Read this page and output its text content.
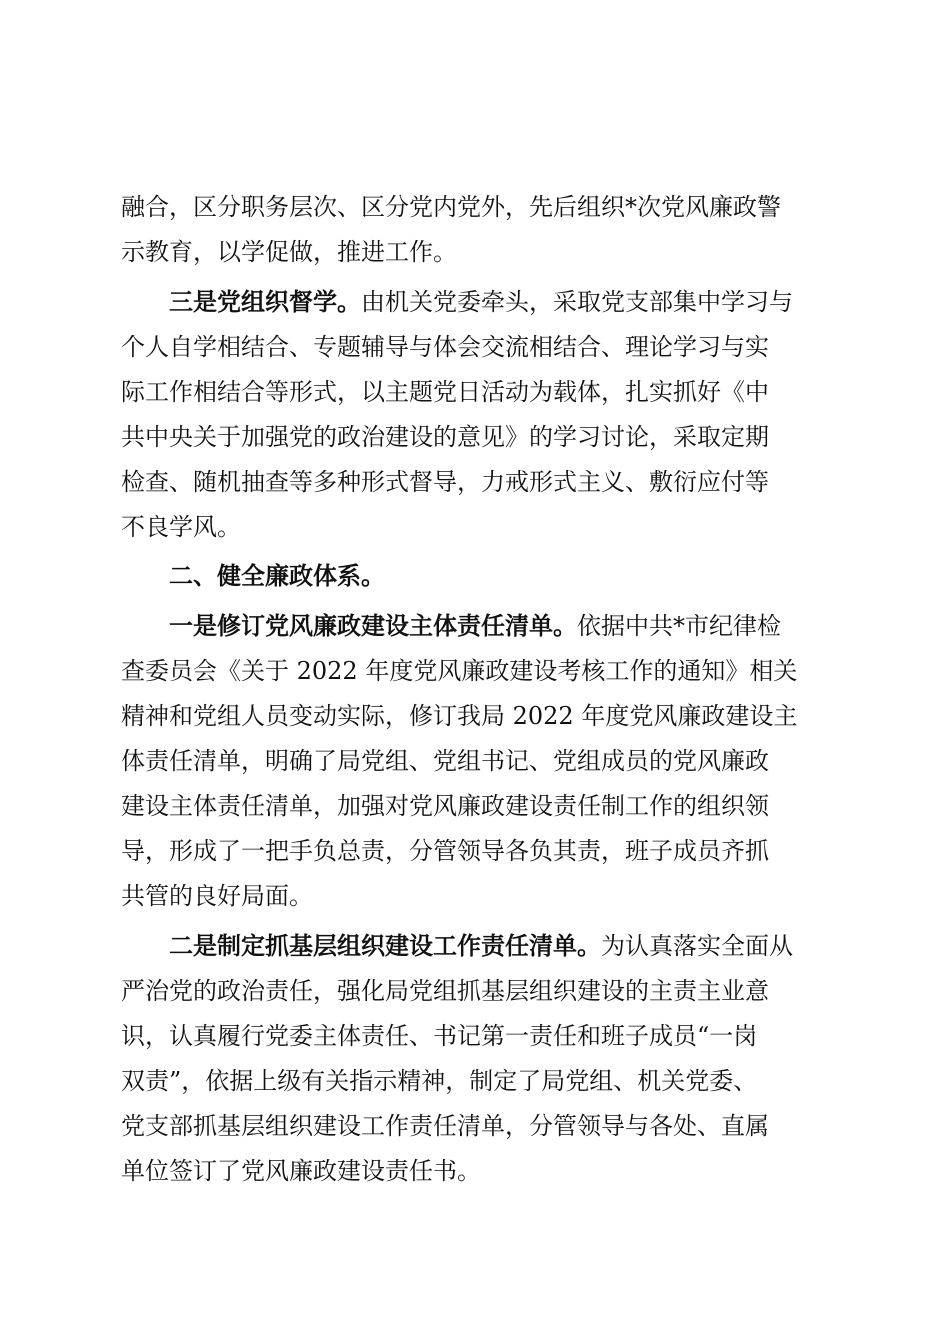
融合，区分职务层次、区分党内党外，先后组织*次党风廉政警
示教育，以学促做，推进工作。

三是党组织督学。由机关党委牵头，采取党支部集中学习与
个人自学相结合、专题辅导与体会交流相结合、理论学习与实
际工作相结合等形式，以主题党日活动为载体，扎实抓好《中
共中央关于加强党的政治建设的意见》的学习讨论，采取定期
检查、随机抽查等多种形式督导，力戒形式主义、敷衍应付等
不良学风。

二、健全廉政体系。

一是修订党风廉政建设主体责任清单。依据中共*市纪律检
查委员会《关于 2022 年度党风廉政建设考核工作的通知》相关
精神和党组人员变动实际，修订我局 2022 年度党风廉政建设主
体责任清单，明确了局党组、党组书记、党组成员的党风廉政
建设主体责任清单，加强对党风廉政建设责任制工作的组织领
导，形成了一把手负总责，分管领导各负其责，班子成员齐抓
共管的良好局面。

二是制定抓基层组织建设工作责任清单。为认真落实全面从
严治党的政治责任，强化局党组抓基层组织建设的主责主业意
识，认真履行党委主体责任、书记第一责任和班子成员“一岗
双责”，依据上级有关指示精神，制定了局党组、机关党委、
党支部抓基层组织建设工作责任清单，分管领导与各处、直属
单位签订了党风廉政建设责任书。
